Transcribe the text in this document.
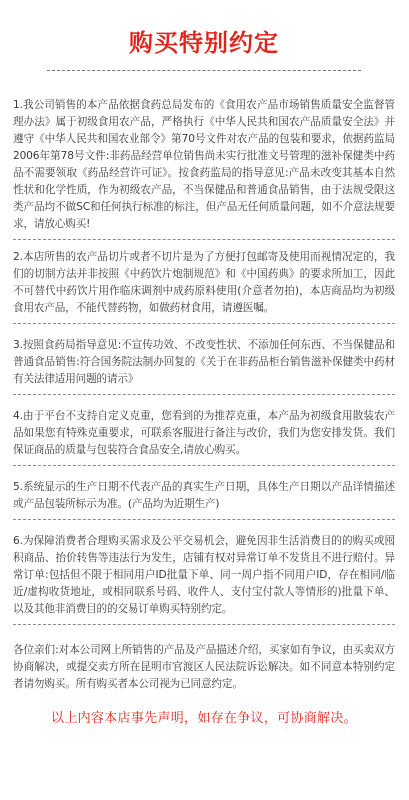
购买特别约定
1.我公司销售的本产品依据食药总局发布的《食用农产品市场销售质量安全监督管理办法》属于初级食用农产品，严格执行《中华人民共和国农产品质量安全法》并遵守《中华人民共和国农业部令》第70号文件对农产品的包装和要求，依据药监局2006年第78号文件:非药品经营单位销售尚未实行批准文号管理的滋补保健类中药品不需要领取《药品经营许可证》。按食药监局的指导意见:产品未改变其基本自然性状和化学性质，作为初级农产品，不当保健品和普通食品销售，由于法规受限这类产品均不做SC和任何执行标准的标注，但产品无任何质量问题，如不介意法规要求，请放心购买!
2.本店所售的农产品切片或者不切片是为了方便打包邮寄及使用而视情况定的，我们的切制方法并非按照《中药饮片炮制规范》和《中国药典》的要求所加工，因此不可替代中药饮片用作临床调剂中成药原料使用(介意者勿拍)，本店商品均为初级食用农产品，不能代替药物，如做药材食用，请遵医嘱。
3.按照食药局指导意见:不宣传功效、不改变性状、不添加任何东西、不当保健品和普通食品销售:符合国务院法制办回复的《关于在非药品柜台销售滋补保健类中药材有关法律适用问题的请示》
4.由于平台不支持自定义克重，您看到的为推荐克重，本产品为初级食用散装农产品如果您有特殊克重要求，可联系客服进行备注与改价，我们为您安排发货。我们保证商品的质量与包装符合食品安全,请放心购买。
5.系统显示的生产日期不代表产品的真实生产日期，具体生产日期以产品详情描述或产品包装所标示为准。(产品均为近期生产)
6.为保障消费者合理购买需求及公平交易机会，避免因非生活消费目的的购买或囤积商品、抬价转售等违法行为发生，店铺有权对异常订单不发货且不进行赔付。异常订单:包括但不限于相同用户ID批量下单、同一周户指不同用户ID，存在相同/临近/虚构收货地址，或相同联系号码、收件人、支付宝付款人等情形的)批量下单、以及其他非消费目的的交易订单购买特别约定。
各位亲们:对本公司网上所销售的产品及产品描述介绍，买家如有争议，由买卖双方协商解决，或提交卖方所在昆明市官渡区人民法院诉讼解决。如不同意本特别约定者请勿购买。所有购买者本公司视为已同意约定。
以上内容本店事先声明，如存在争议，可协商解决。
